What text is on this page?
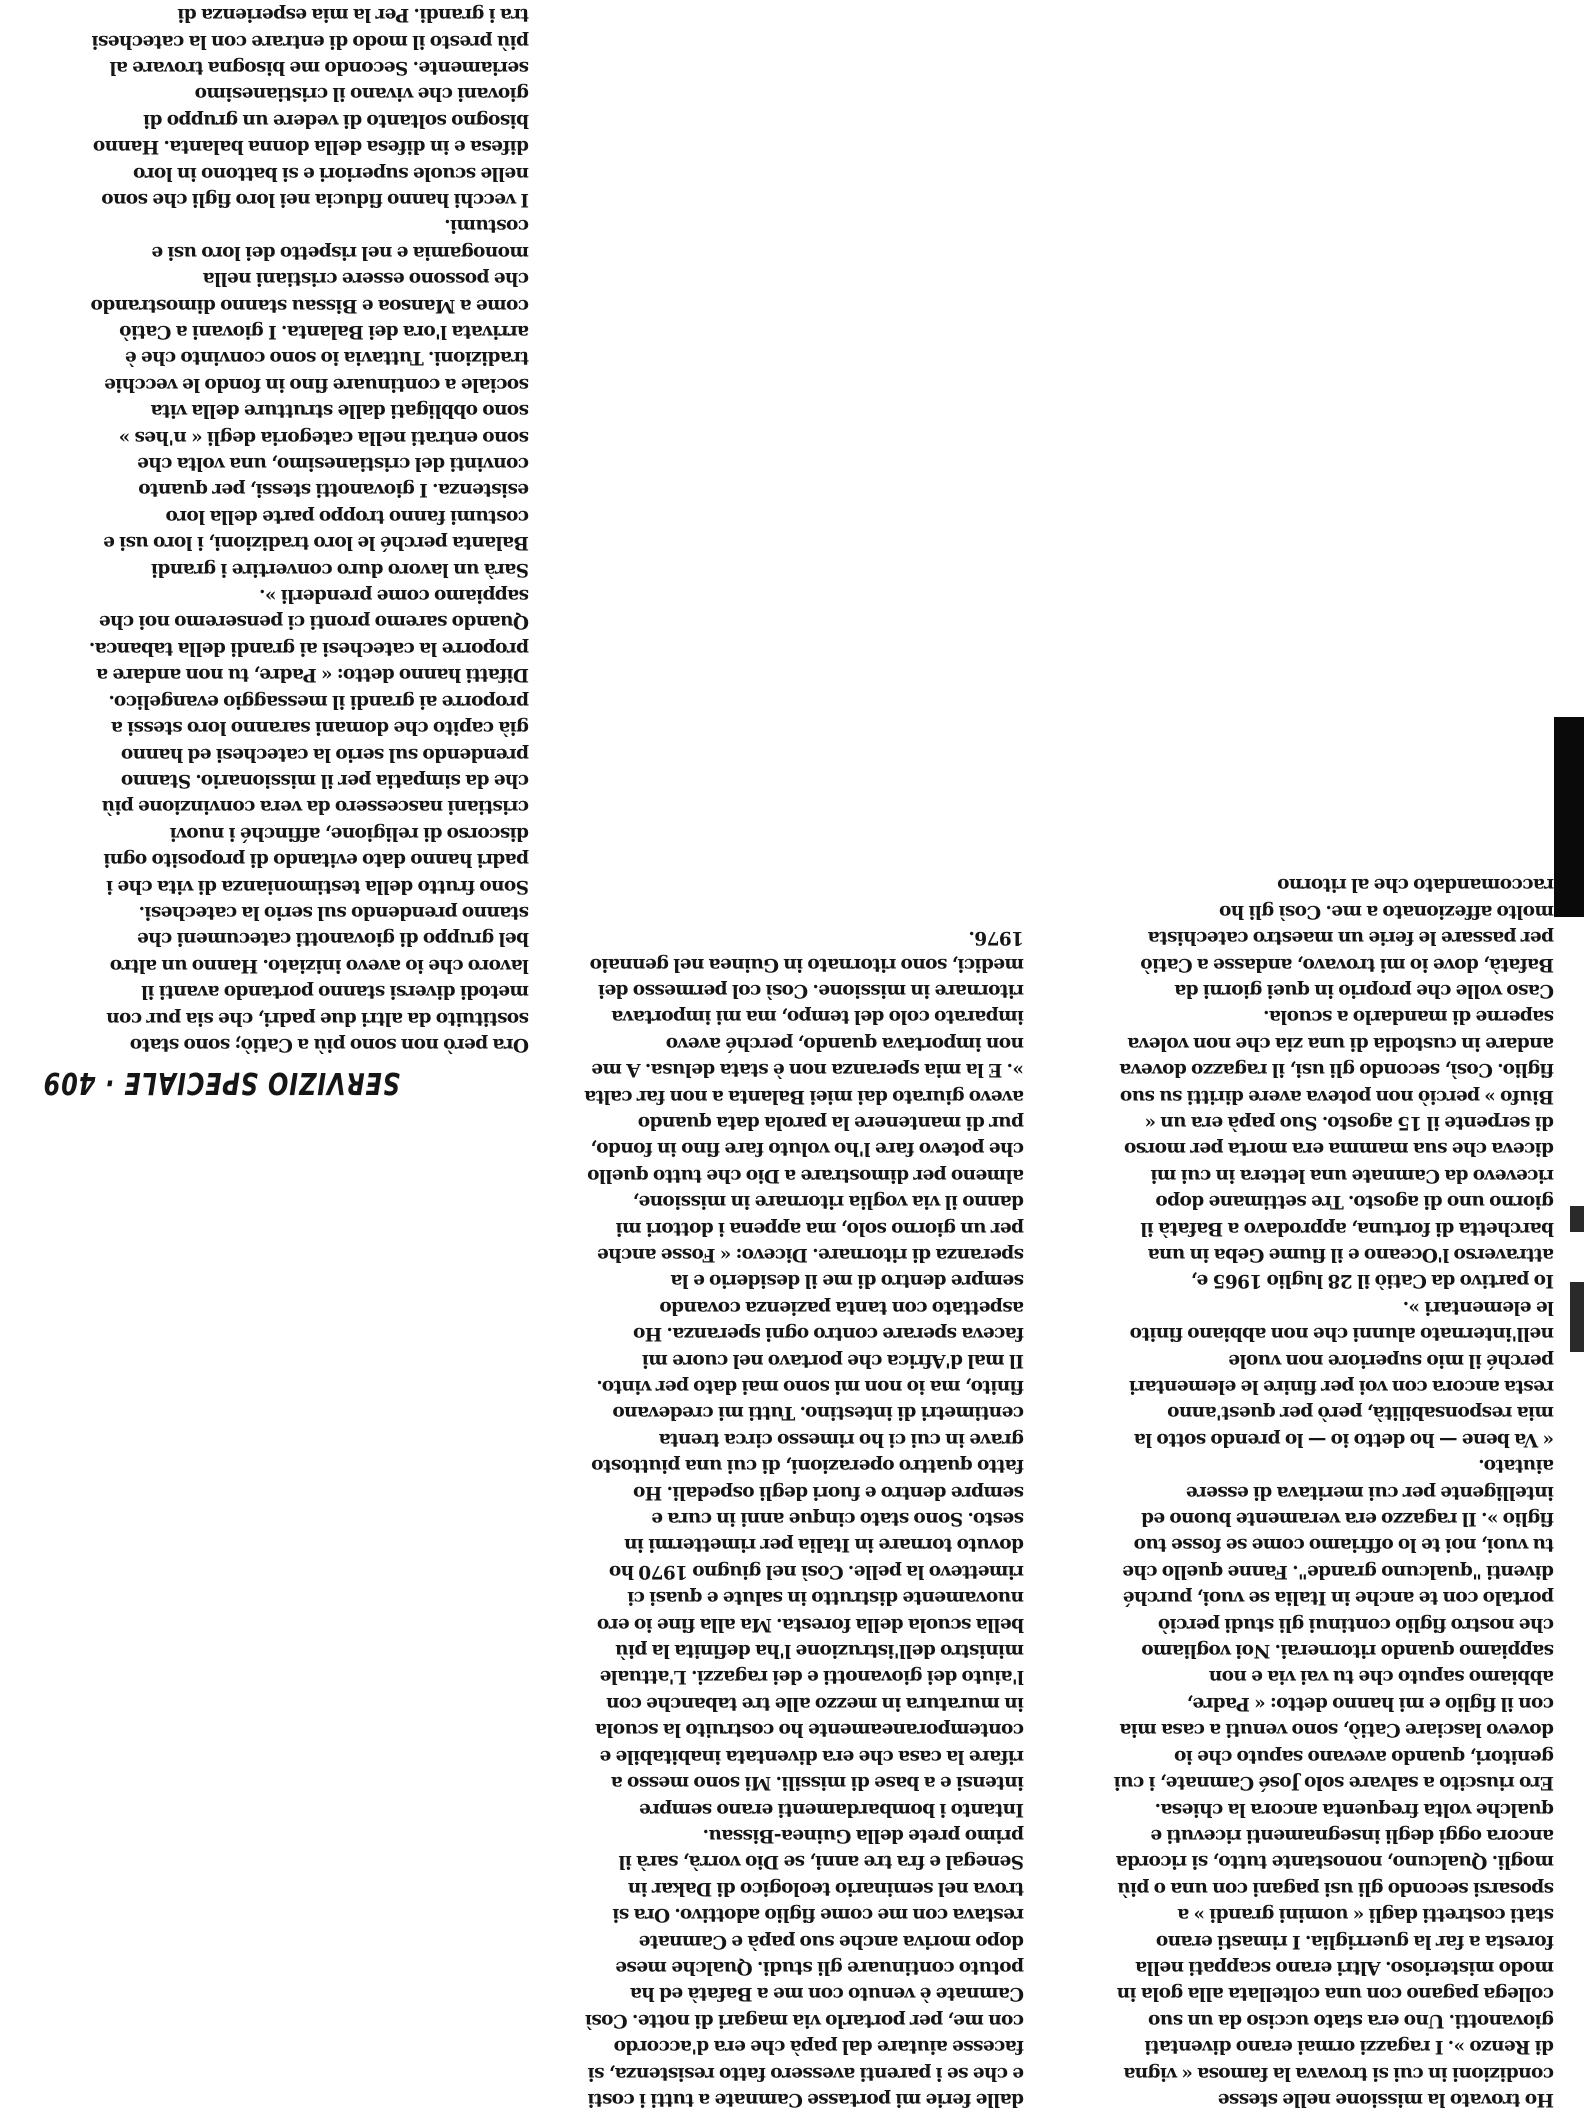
SERVIZIO SPECIALE · 409
Ho trovato la missione nelle stesse condizioni in cui si trovava la famosa « vigna di Renzo ». I ragazzi ormai erano diventati giovanotti. Uno era stato ucciso da un suo collega pagano con una coltellata alla gola in modo misterioso. Altri erano scappati nella foresta a far la guerriglia. I rimasti erano stati costretti dagli « uomini grandi » a sposarsi secondo gli usi pagani con una o più mogli. Qualcuno, nonostante tutto, si ricorda ancora oggi degli insegnamenti ricevuti e qualche volta frequenta ancora la chiesa.
Ero riuscito a salvare solo José Camnate, i cui genitori, quando avevano saputo che io dovevo lasciare Catiò, sono venuti a casa mia con il figlio e mi hanno detto: « Padre, abbiamo saputo che tu vai via e non sappiamo quando ritornerai. Noi vogliamo che nostro figlio continui gli studi perciò portalo con te anche in Italia se vuoi, purché diventi "qualcuno grande". Fanne quello che tu vuoi, noi te lo offriamo come se fosse tuo figlio ». Il ragazzo era veramente buono ed intelligente per cui meritava di essere aiutato.
« Va bene — ho detto io — lo prendo sotto la mia responsabilità, però per quest'anno resta ancora con voi per finire le elementari perché il mio superiore non vuole nell'internato alunni che non abbiano finito le elementari ».
Io partivo da Catiò il 28 luglio 1965 e, attraverso l'Oceano e il fiume Geba in una barchetta di fortuna, approdavo a Bafatà il giorno uno di agosto. Tre settimane dopo ricevevo da Camnate una lettera in cui mi diceva che sua mamma era morta per morso di serpente il 15 agosto. Suo papà era un « Biufo » perciò non poteva avere diritti su suo figlio. Così, secondo gli usi, il ragazzo doveva andare in custodia di una zia che non voleva saperne di mandarlo a scuola.
Caso volle che proprio in quei giorni da Bafatà, dove io mi trovavo, andasse a Catiò per passare le ferie un maestro catechista molto affezionato a me. Così gli ho raccomandato che al ritorno
dalle ferie mi portasse Camnate a tutti i costi e che se i parenti avessero fatto resistenza, si facesse aiutare dal papà che era d'accordo con me, per portarlo via magari di notte. Così Camnate è venuto con me a Bafatà ed ha potuto continuare gli studi. Qualche mese dopo moriva anche suo papà e Camnate restava con me come figlio adottivo. Ora si trova nel seminario teologico di Dakar in Senegal e fra tre anni, se Dio vorrà, sarà il primo prete della Guinea-Bissau.
Intanto i bombardamenti erano sempre intensi e a base di missili. Mi sono messo a rifare la casa che era diventata inabitabile e contemporaneamente ho costruito la scuola in muratura in mezzo alle tre tabanche con l'aiuto dei giovanotti e dei ragazzi. L'attuale ministro dell'istruzione l'ha definita la più bella scuola della foresta. Ma alla fine io ero nuovamente distrutto in salute e quasi ci rimettevo la pelle. Così nel giugno 1970 ho dovuto tornare in Italia per rimettermi in sesto. Sono stato cinque anni in cura e sempre dentro e fuori degli ospedali. Ho fatto quattro operazioni, di cui una piuttosto grave in cui ci ho rimesso circa trenta centimetri di intestino. Tutti mi credevano finito, ma io non mi sono mai dato per vinto. Il mal d'Africa che portavo nel cuore mi faceva sperare contro ogni speranza. Ho aspettato con tanta pazienza covando sempre dentro di me il desiderio e la speranza di ritornare. Dicevo: « Fosse anche per un giorno solo, ma appena i dottori mi danno il via voglia ritornare in missione, almeno per dimostrare a Dio che tutto quello che potevo fare l'ho voluto fare fino in fondo, pur di mantenere la parola data quando avevo giurato dai miei Balanta a non far calta ». E la mia speranza non è stata delusa. A me non importava quando, perché avevo imparato colo del tempo, ma mi importava ritornare in missione. Così col permesso dei medici, sono ritornato in Guinea nel gennaio 1976.
Ora però non sono più a Catiò; sono stato sostituito da altri due padri, che sia pur con metodi diversi stanno portando avanti il lavoro che io avevo iniziato. Hanno un altro bel gruppo di giovanotti catecumeni che stanno prendendo sul serio la catechesi. Sono frutto della testimonianza di vita che i padri hanno dato evitando di proposito ogni discorso di religione, affinché i nuovi cristiani nascessero da vera convinzione più che da simpatia per il missionario. Stanno prendendo sul serio la catechesi ed hanno già capito che domani saranno loro stessi a proporre ai grandi il messaggio evangelico. Difatti hanno detto: « Padre, tu non andare a proporre la catechesi ai grandi della tabanca. Quando saremo pronti ci penseremo noi che sappiamo come prenderli ».
Sarà un lavoro duro convertire i grandi Balanta perché le loro tradizioni, i loro usi e costumi fanno troppo parte della loro esistenza. I giovanotti stessi, per quanto convinti del cristianesimo, una volta che sono entrati nella categoria degli « n'hes » sono obbligati dalle strutture della vita sociale a continuare fino in fondo le vecchie tradizioni. Tuttavia io sono convinto che è arrivata l'ora dei Balanta. I giovani a Catiò come a Mansoa e Bissau stanno dimostrando che possono essere cristiani nella monogamia e nel rispetto dei loro usi e costumi.
I vecchi hanno fiducia nei loro figli che sono nelle scuole superiori e si battono in loro difesa e in difesa della donna balanta. Hanno bisogno soltanto di vedere un gruppo di giovani che vivano il cristianesimo seriamente. Secondo me bisogna trovare al più presto il modo di entrare con la catechesi tra i grandi. Per la mia esperienza di
